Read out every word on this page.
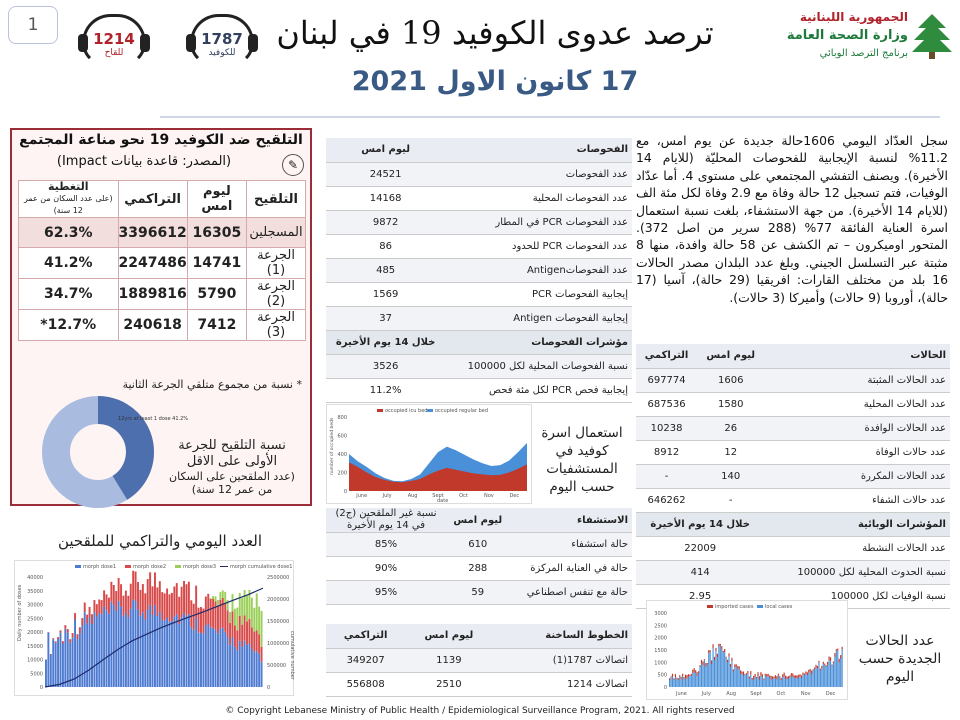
1
1214
للقاح
1787
للكوفيد
ترصد عدوى الكوفيد 19 في لبنان
17 كانون الاول 2021
الجمهورية اللبنانية
وزارة الصحة العامة
برنامج الترصد الوبائي
التلقيح ضد الكوفيد 19 نحو مناعة المجتمع
(المصدر: قاعدة بيانات Impact)	✎
التلقيح	ليوم امس	التراكمي	التغطية
(على عدد السكان من عمر 12 سنة)

المسجلين	16305	3396612	62.3%
الجرعة (1)	14741	2247486	41.2%
الجرعة (2)	5790	1889816	34.7%
الجرعة (3)	7412	240618	12.7%*
* نسبة من مجموع متلقي الجرعة الثانية
12yrs at least 1 dose 41.2%
نسبة التلقيح للجرعة الأولى على الاقل
(عدد الملقحين على السكان من عمر 12 سنة)
العدد اليومي والتراكمي للملقحين
morph dose1	morph dose2	morph dose3	morph cumulative dose1
40000
35000
30000
25000
20000
15000
10000
5000
0
2500000
2000000
1500000
1000000
500000
0
Daily number of doses
cumulative number
الفحوصات	ليوم امس
عدد الفحوصات	24521
عدد الفحوصات المحلية	14168
عدد الفحوصات PCR في المطار	9872
عدد الفحوصات PCR للحدود	86
عدد الفحوصاتAntigen	485
إيجابية الفحوصات PCR	1569
إيجابية الفحوصات Antigen	37
مؤشرات الفحوصات	خلال 14 يوم الأخيرة
نسبة الفحوصات المحلية لكل 100000	3526
إيجابية فحص PCR لكل مئة فحص	11.2%
سجل العدّاد اليومي 1606حالة جديدة عن يوم امس، مع 11.2% لنسبة الإيجابية للفحوصات المحليّة (للايام 14 الأخيرة). ويصنف التفشي المجتمعي على مستوى 4. أما عدّاد الوفيات، فتم تسجيل 12 حالة وفاة مع 2.9 وفاة لكل مئة الف (للايام 14 الأخيرة). من جهة الاستشفاء، بلغت نسبة استعمال اسرة العناية الفائقة 77% (288 سرير من اصل 372). المتحور اوميكرون – تم الكشف عن 58 حالة وافدة، منها 8 مثبتة عبر التسلسل الجيني. وبلغ عدد البلدان مصدر الحالات 16 بلد من مختلف القارات: افريقيا (29 حالة)، آسيا (17 حالة)، أوروبا (9 حالات) وأميركا (3 حالات).
الحالات	ليوم امس	التراكمي
عدد الحالات المثبتة	1606	697774
عدد الحالات المحلية	1580	687536
عدد الحالات الوافدة	26	10238
عدد حالات الوفاة	12	8912
عدد الحالات المكررة	140	-
عدد حالات الشفاء	-	646262
المؤشرات الوبائية	خلال 14 يوم الأخيرة	
عدد الحالات النشطة	22009	
نسبة الحدوث المحلية لكل 100000	414	
نسبة الوفيات لكل 100000	2.95	
occupied icu bed occupied regular bed
number of occupied beds
date
800
600
400
200
0
June	July	Aug	Sept	Oct	Nov	Dec
استعمال اسرة كوفيد في المستشفيات حسب اليوم
الاستشفاء	ليوم امس	نسبة غير الملقحين (ج2) في 14 يوم الأخيرة
حالة استشفاء	610	85%
حالة في العناية المركزة	288	90%
حالة مع تنفس اصطناعي	59	95%
الخطوط الساخنة	ليوم امس	التراكمي
اتصالات 1787(1)	1139	349207
اتصالات 1214	2510	556808
imported cases local cases
3000
2500
2000
1500
1000
500
0
June	July	Aug	Sept	Oct	Nov	Dec
عدد الحالات الجديدة حسب اليوم
© Copyright Lebanese Ministry of Public Health / Epidemiological Surveillance Program, 2021. All rights reserved
